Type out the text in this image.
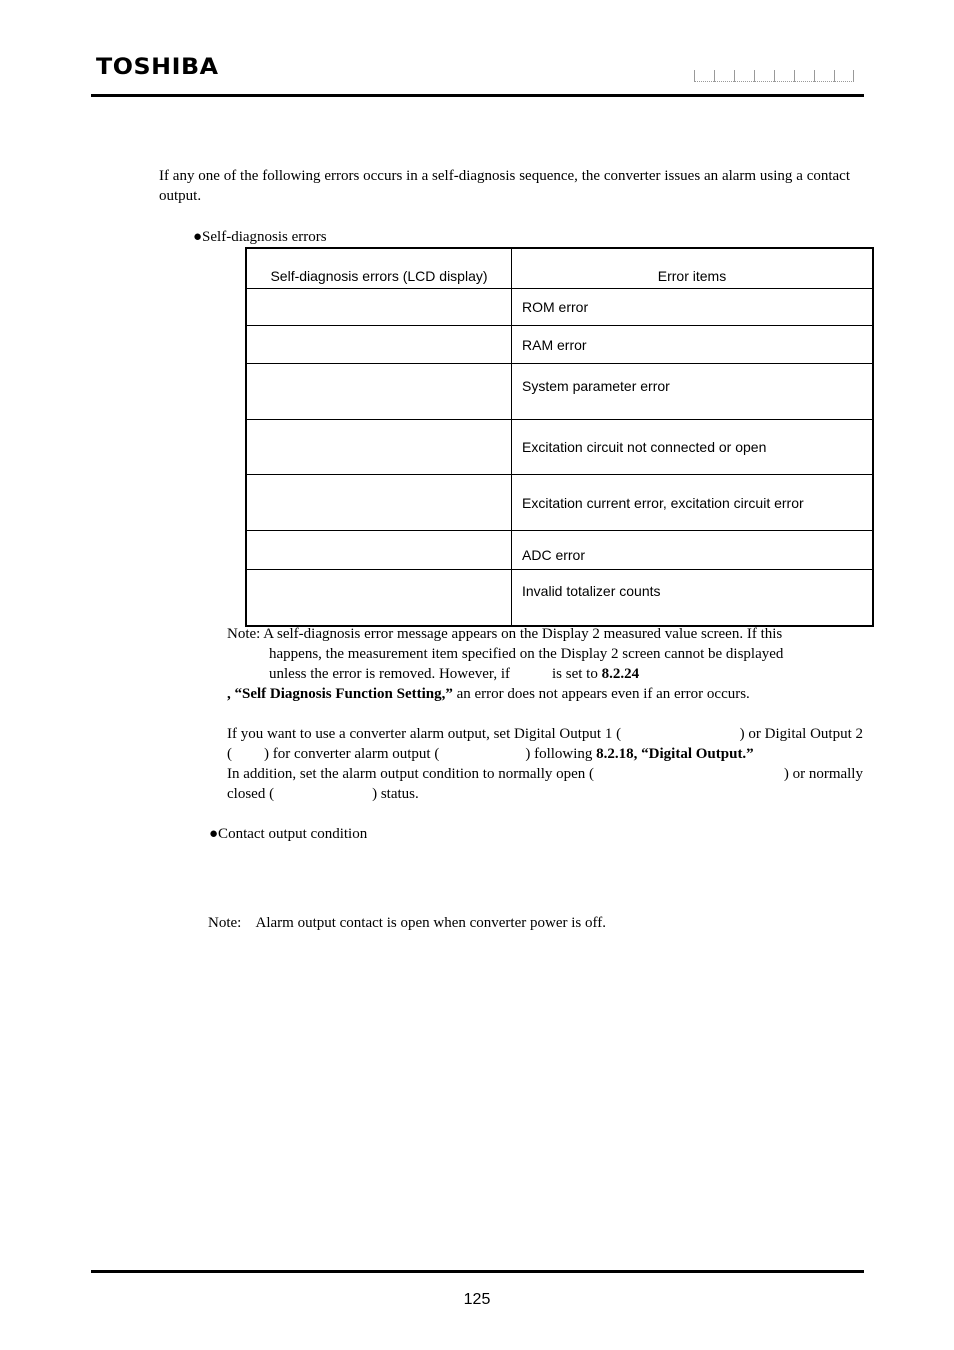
TOSHIBA
If any one of the following errors occurs in a self-diagnosis sequence, the converter issues an alarm using a contact output.
●Self-diagnosis errors
Self-diagnosis errors (LCD display)	Error items
	ROM error
	RAM error
	System parameter error
	Excitation circuit not connected or open
	Excitation current error, excitation circuit error
	ADC error
	Invalid totalizer counts
Note: A self-diagnosis error message appears on the Display 2 measured value screen. If this
happens, the measurement item specified on the Display 2 screen cannot be displayed
unless the error is removed. However, if	is set to 8.2.24
, “Self Diagnosis Function Setting,” an error does not appears even if an error occurs.
If you want to use a converter alarm output, set Digital Output 1 (	) or Digital Output 2
( ) for converter alarm output (	) following 8.2.18, “Digital Output.”
In addition, set the alarm output condition to normally open (	) or normally
closed (	) status.
●Contact output condition
Note:    Alarm output contact is open when converter power is off.
125
